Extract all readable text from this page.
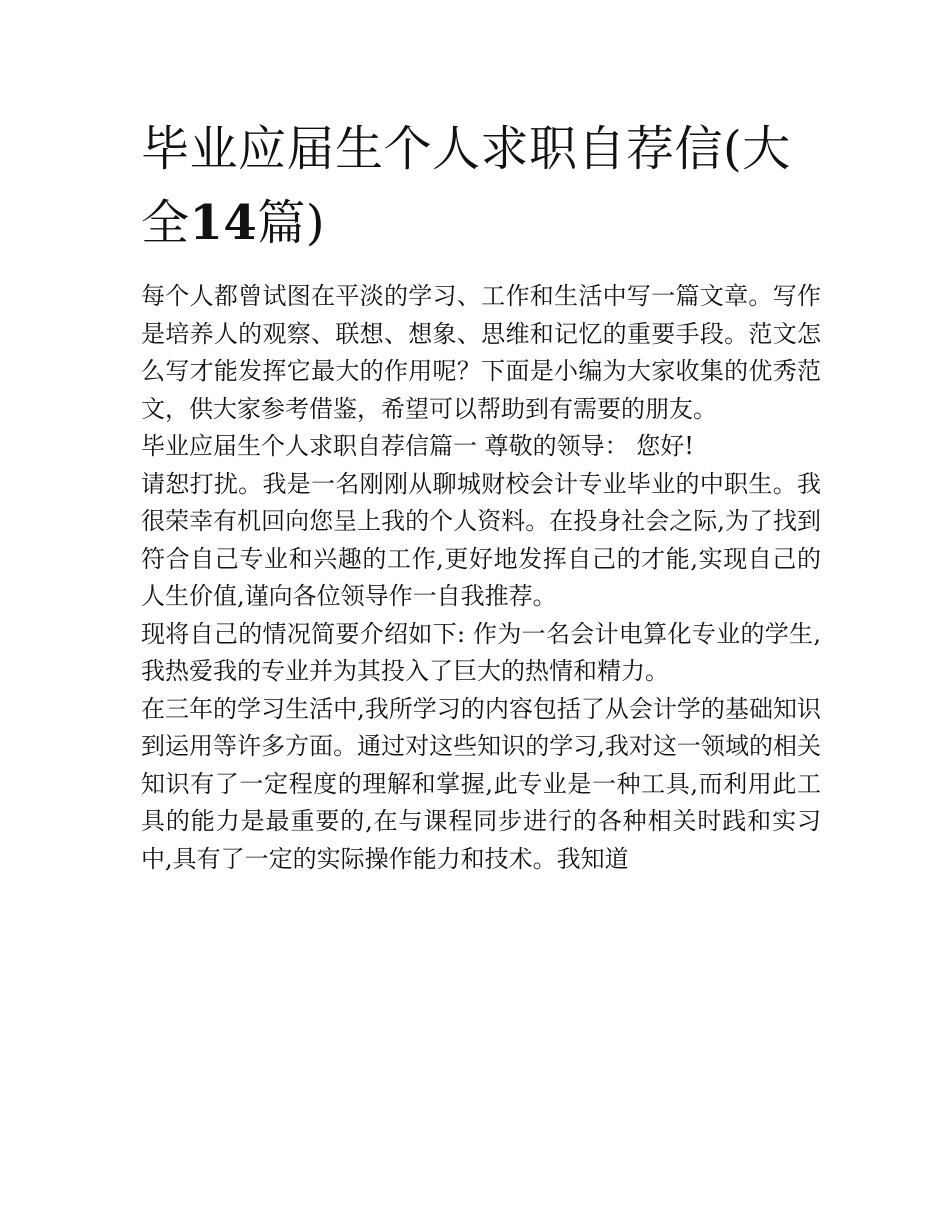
毕业应届生个人求职自荐信(大全14篇)

每个人都曾试图在平淡的学习、工作和生活中写一篇文章。写作是培养人的观察、联想、想象、思维和记忆的重要手段。范文怎么写才能发挥它最大的作用呢？下面是小编为大家收集的优秀范文，供大家参考借鉴，希望可以帮助到有需要的朋友。

毕业应届生个人求职自荐信篇一 尊敬的领导： 您好!

请恕打扰。我是一名刚刚从聊城财校会计专业毕业的中职生。我很荣幸有机回向您呈上我的个人资料。在投身社会之际,为了找到符合自己专业和兴趣的工作,更好地发挥自己的才能,实现自己的人生价值,谨向各位领导作一自我推荐。

现将自己的情况简要介绍如下: 作为一名会计电算化专业的学生,我热爱我的专业并为其投入了巨大的热情和精力。

在三年的学习生活中,我所学习的内容包括了从会计学的基础知识到运用等许多方面。通过对这些知识的学习,我对这一领域的相关知识有了一定程度的理解和掌握,此专业是一种工具,而利用此工具的能力是最重要的,在与课程同步进行的各种相关时践和实习中,具有了一定的实际操作能力和技术。我知道
